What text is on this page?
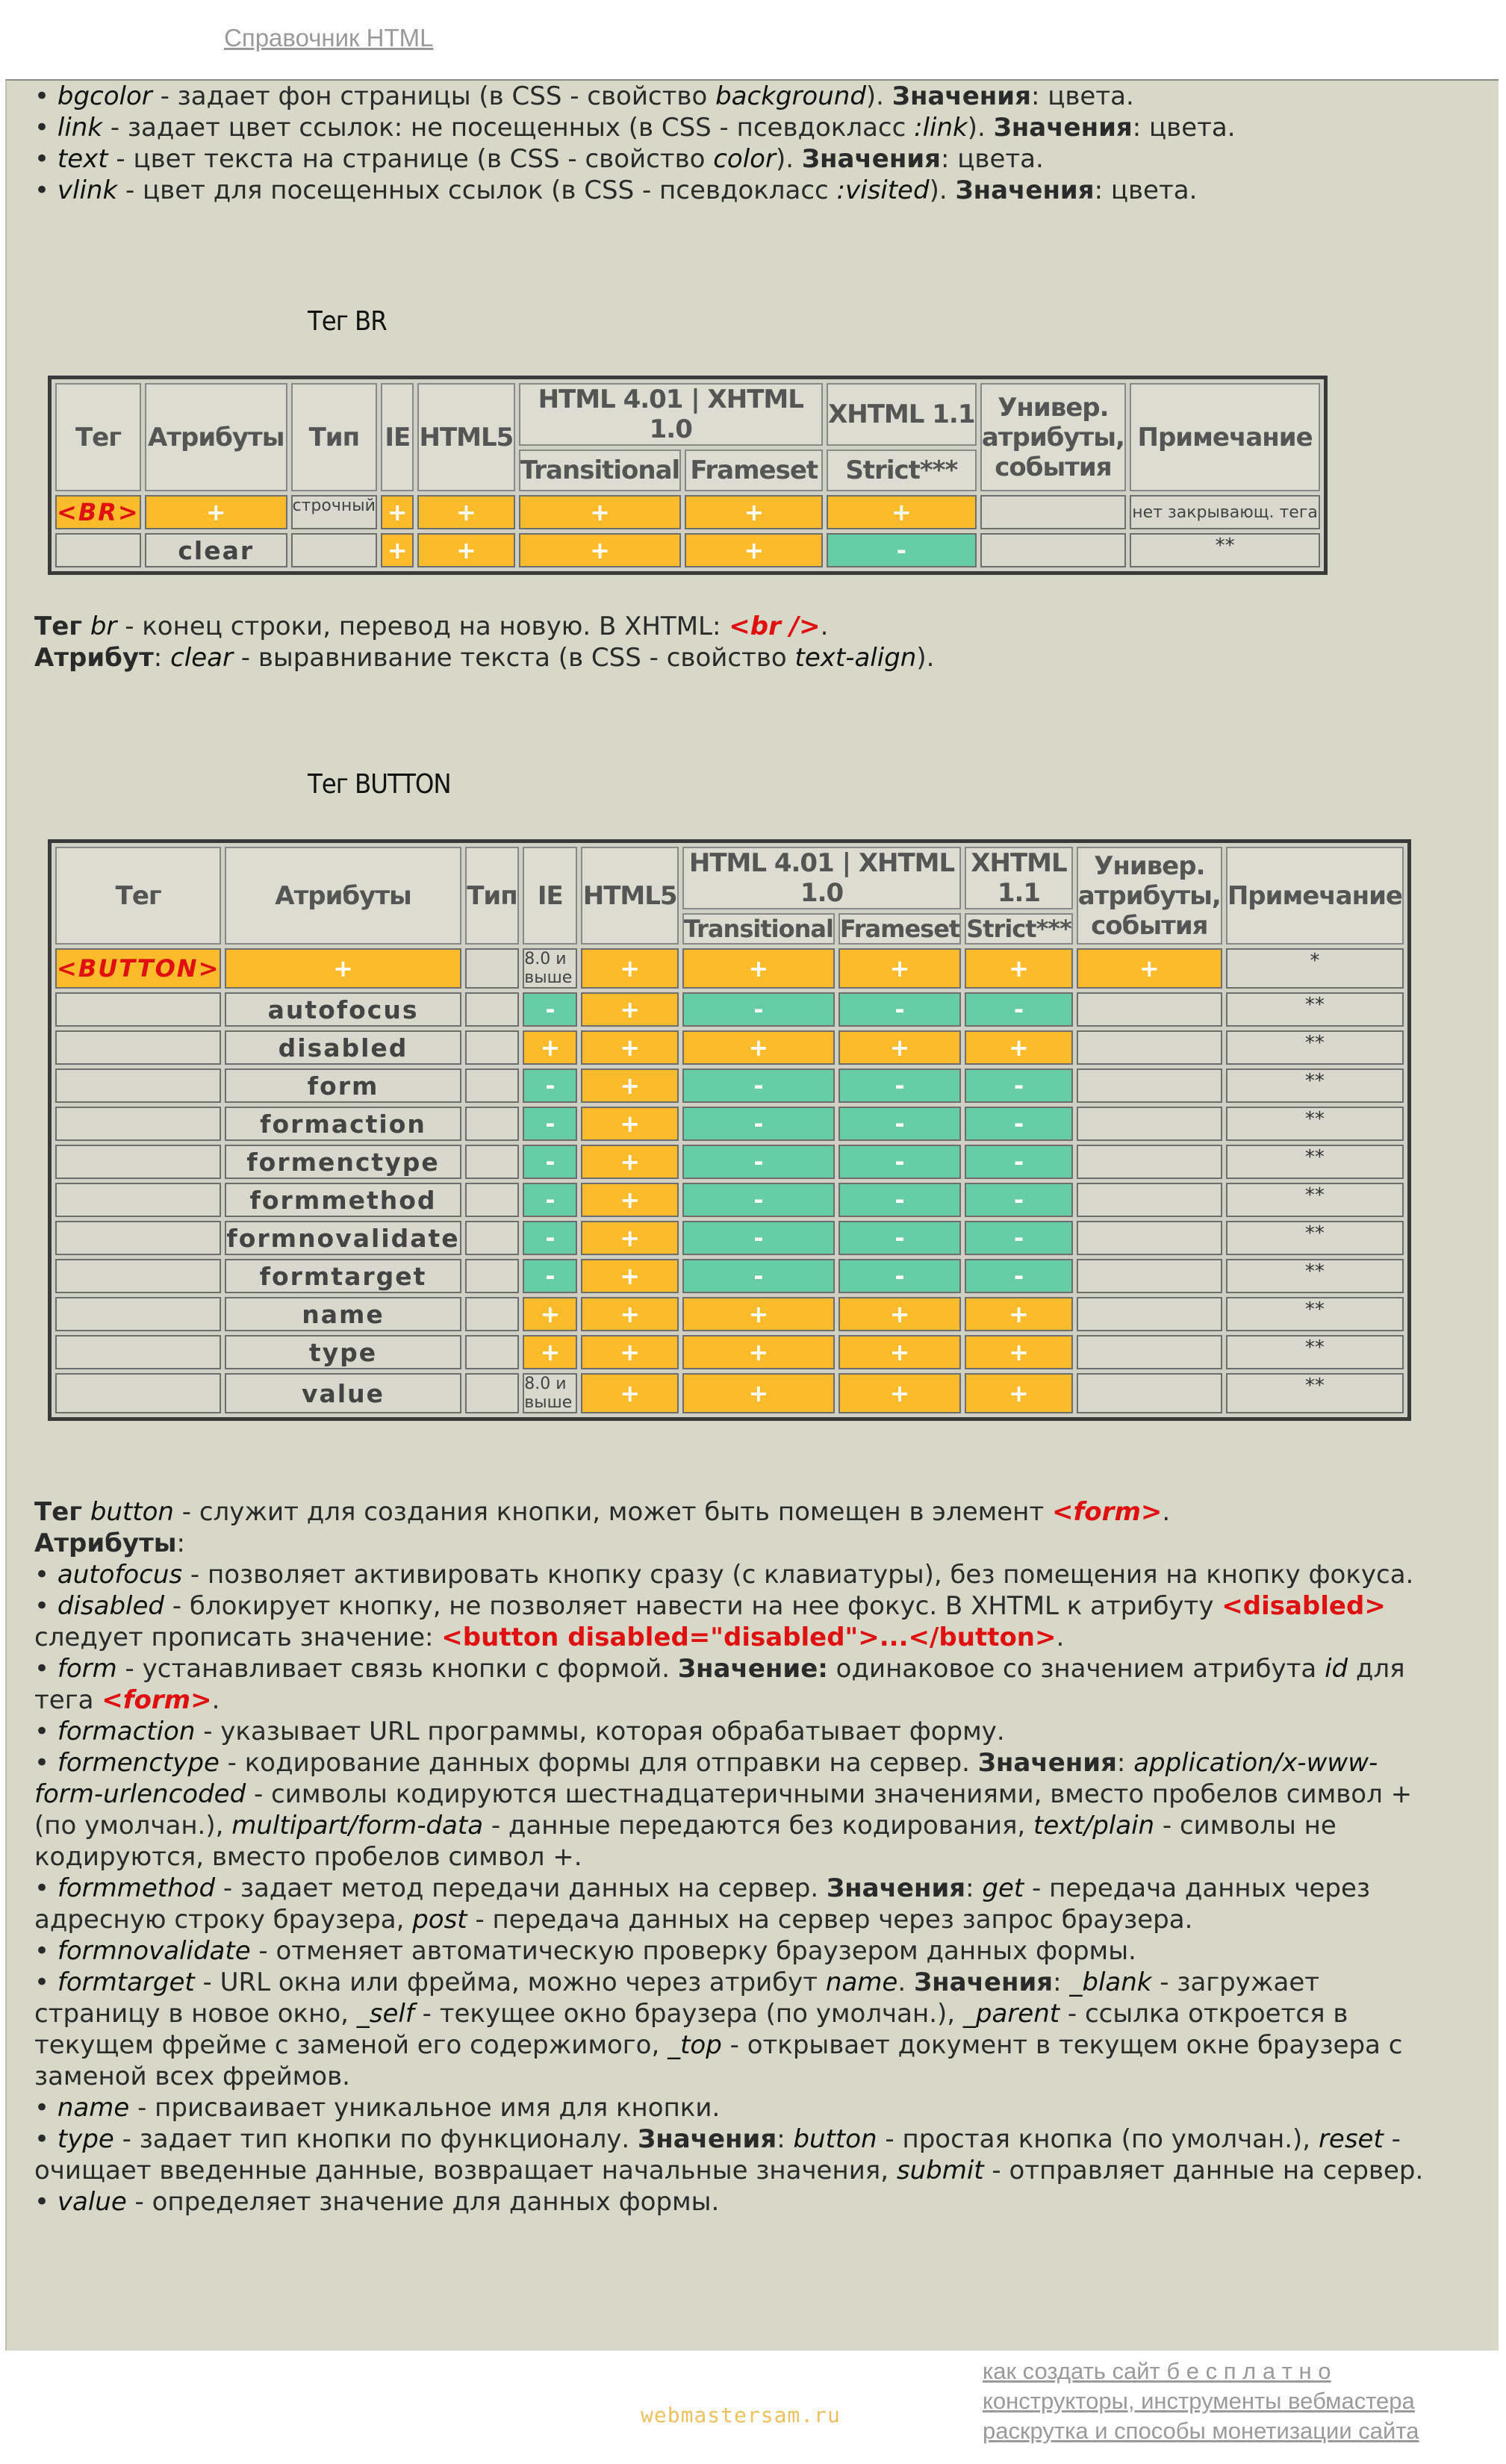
Справочник HTML
• bgcolor - задает фон страницы (в CSS - свойство background). Значения: цвета.
• link - задает цвет ссылок: не посещенных (в CSS - псевдокласс :link). Значения: цвета.
• text - цвет текста на странице (в CSS - свойство color). Значения: цвета.
• vlink - цвет для посещенных ссылок (в CSS - псевдокласс :visited). Значения: цвета.
Тег BR
Тег	Атрибуты	Тип	IE	HTML5	HTML 4.01 | XHTML 1.0		XHTML 1.1	Универ. атрибуты, события	Примечание
					Transitional	Frameset	Strict***		
<BR>	+	строчный	+	+	+	+	+		нет закрывающ. тега
	clear		+	+	+	+	-		**
Тег br - конец строки, перевод на новую. В XHTML: <br />.
Атрибут: clear - выравнивание текста (в CSS - свойство text-align).
Тег BUTTON
Тег	Атрибуты	Тип	IE	HTML5	HTML 4.01 | XHTML 1.0		XHTML 1.1	Универ. атрибуты, события	Примечание
					Transitional	Frameset	Strict***		
<BUTTON>	+		8.0 и выше	+	+	+	+	+	*
	autofocus		-	+	-	-	-		**
	disabled		+	+	+	+	+		**
	form		-	+	-	-	-		**
	formaction		-	+	-	-	-		**
	formenctype		-	+	-	-	-		**
	formmethod		-	+	-	-	-		**
	formnovalidate		-	+	-	-	-		**
	formtarget		-	+	-	-	-		**
	name		+	+	+	+	+		**
	type		+	+	+	+	+		**
	value		8.0 и выше	+	+	+	+		**
Тег button - служит для создания кнопки, может быть помещен в элемент <form>.
Атрибуты:
• autofocus - позволяет активировать кнопку сразу (с клавиатуры), без помещения на кнопку фокуса.
• disabled - блокирует кнопку, не позволяет навести на нее фокус. В XHTML к атрибуту <disabled>
следует прописать значение: <button disabled="disabled">...</button>.
• form - устанавливает связь кнопки с формой. Значение: одинаковое со значением атрибута id для
тега <form>.
• formaction - указывает URL программы, которая обрабатывает форму.
• formenctype - кодирование данных формы для отправки на сервер. Значения: application/x-www-
form-urlencoded - символы кодируются шестнадцатеричными значениями, вместо пробелов символ +
(по умолчан.), multipart/form-data - данные передаются без кодирования, text/plain - символы не
кодируются, вместо пробелов символ +.
• formmethod - задает метод передачи данных на сервер. Значения: get - передача данных через
адресную строку браузера, post - передача данных на сервер через запрос браузера.
• formnovalidate - отменяет автоматическую проверку браузером данных формы.
• formtarget - URL окна или фрейма, можно через атрибут name. Значения: _blank - загружает
страницу в новое окно, _self - текущее окно браузера (по умолчан.), _parent - ссылка откроется в
текущем фрейме с заменой его содержимого, _top - открывает документ в текущем окне браузера с
заменой всех фреймов.
• name - присваивает уникальное имя для кнопки.
• type - задает тип кнопки по функционалу. Значения: button - простая кнопка (по умолчан.), reset -
очищает введенные данные, возвращает начальные значения, submit - отправляет данные на сервер.
• value - определяет значение для данных формы.
webmastersam.ru
как создать сайт б е с п л а т н о
конструкторы, инструменты вебмастера
раскрутка и способы монетизации сайта
